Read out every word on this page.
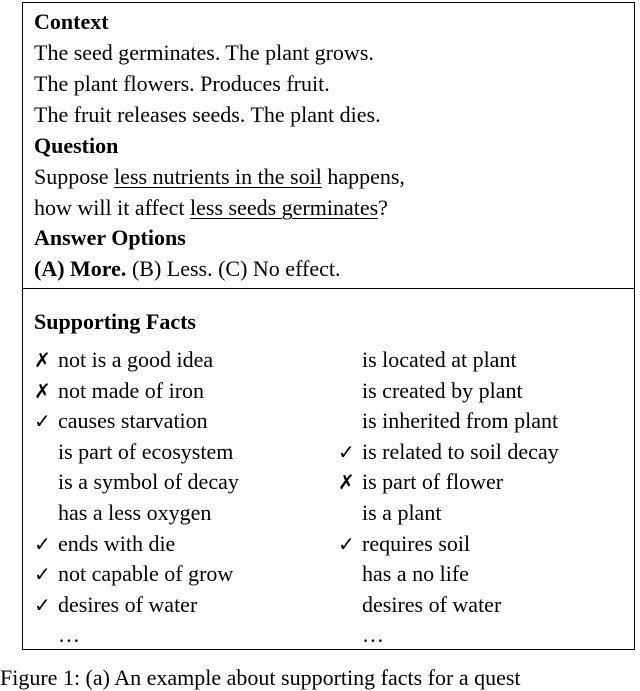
Context
The seed germinates. The plant grows.
The plant flowers. Produces fruit.
The fruit releases seeds. The plant dies.
Question
Suppose less nutrients in the soil happens,
how will it affect less seeds germinates?
Answer Options
(A) More. (B) Less. (C) No effect.
Supporting Facts
✗ not is a good idea
✗ not made of iron
✓ causes starvation
is part of ecosystem
is a symbol of decay
has a less oxygen
✓ ends with die
✓ not capable of grow
✓ desires of water
…
is located at plant
is created by plant
is inherited from plant
✓ is related to soil decay
✗ is part of flower
is a plant
✓ requires soil
has a no life
desires of water
…
Figure 1: (a) An example about supporting facts for a quest
